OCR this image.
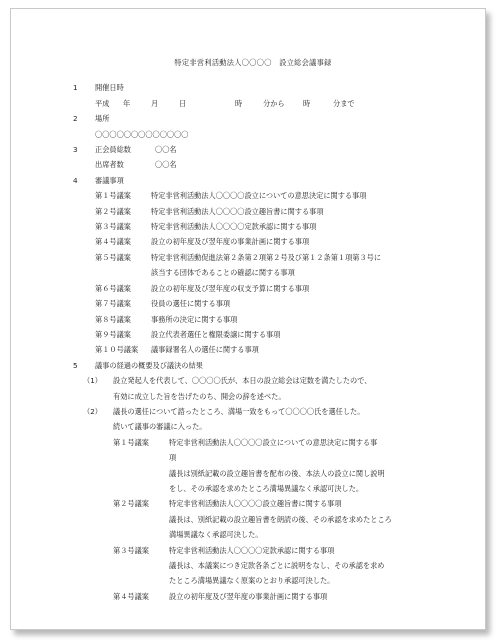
特定非営利活動法人〇〇〇〇　設立総会議事録
1	開催日時
平成	年	月	日	時	分から	時	分まで
2	場所
〇〇〇〇〇〇〇〇〇〇〇〇〇
3	正会員総数	〇〇名
出席者数	〇〇名
4	審議事項
第１号議案	特定非営利活動法人〇〇〇〇設立についての意思決定に関する事項
第２号議案	特定非営利活動法人〇〇〇〇設立趣旨書に関する事項
第３号議案	特定非営利活動法人〇〇〇〇定款承認に関する事項
第４号議案	設立の初年度及び翌年度の事業計画に関する事項
第５号議案	特定非営利活動促進法第２条第２項第２号及び第１２条第１項第３号に
該当する団体であることの確認に関する事項
第６号議案	設立の初年度及び翌年度の収支予算に関する事項
第７号議案	役員の選任に関する事項
第８号議案	事務所の決定に関する事項
第９号議案	設立代表者選任と権限委譲に関する事項
第１０号議案	議事録署名人の選任に関する事項
5	議事の経過の概要及び議決の結果
（1）	設立発起人を代表して、〇〇〇〇氏が、本日の設立総会は定数を満たしたので、
有効に成立した旨を告げたのち、開会の辞を述べた。
（2）	議長の選任について諮ったところ、満場一致をもって〇〇〇〇氏を選任した。
続いて議事の審議に入った。
第１号議案	特定非営利活動法人〇〇〇〇設立についての意思決定に関する事
項
議長は別紙記載の設立趣旨書を配布の後、本法人の設立に関し説明
をし、その承認を求めたところ満場異議なく承認可決した。
第２号議案	特定非営利活動法人〇〇〇〇設立趣旨書に関する事項
議長は、別紙記載の設立趣旨書を朗読の後、その承認を求めたところ
満場異議なく承認可決した。
第３号議案	特定非営利活動法人〇〇〇〇定款承認に関する事項
議長は、本議案につき定款各条ごとに説明をなし、その承認を求め
たところ満場異議なく原案のとおり承認可決した。
第４号議案	設立の初年度及び翌年度の事業計画に関する事項
